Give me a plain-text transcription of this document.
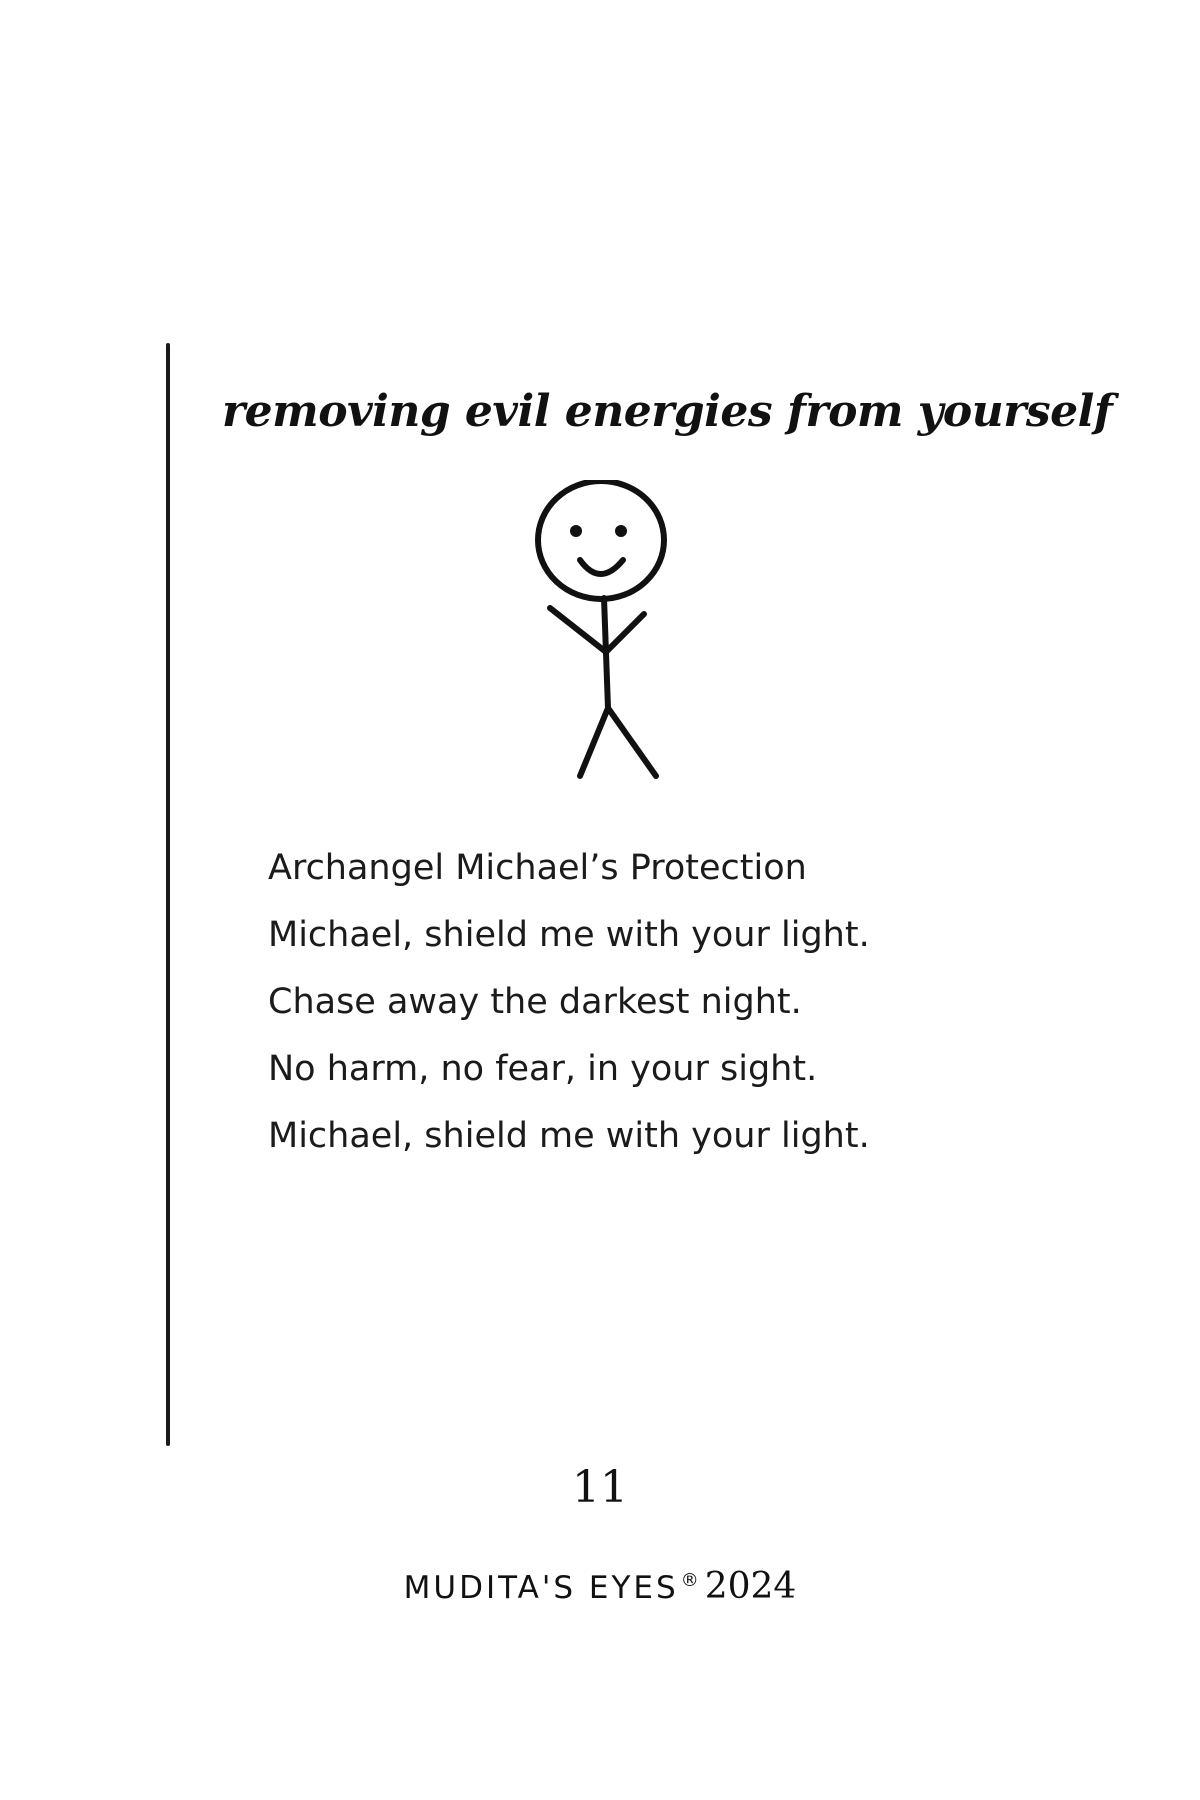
removing evil energies from yourself
Archangel Michael’s Protection
Michael, shield me with your light.
Chase away the darkest night.
No harm, no fear, in your sight.
Michael, shield me with your light.
11
MUDITA'S EYES ® 2024
